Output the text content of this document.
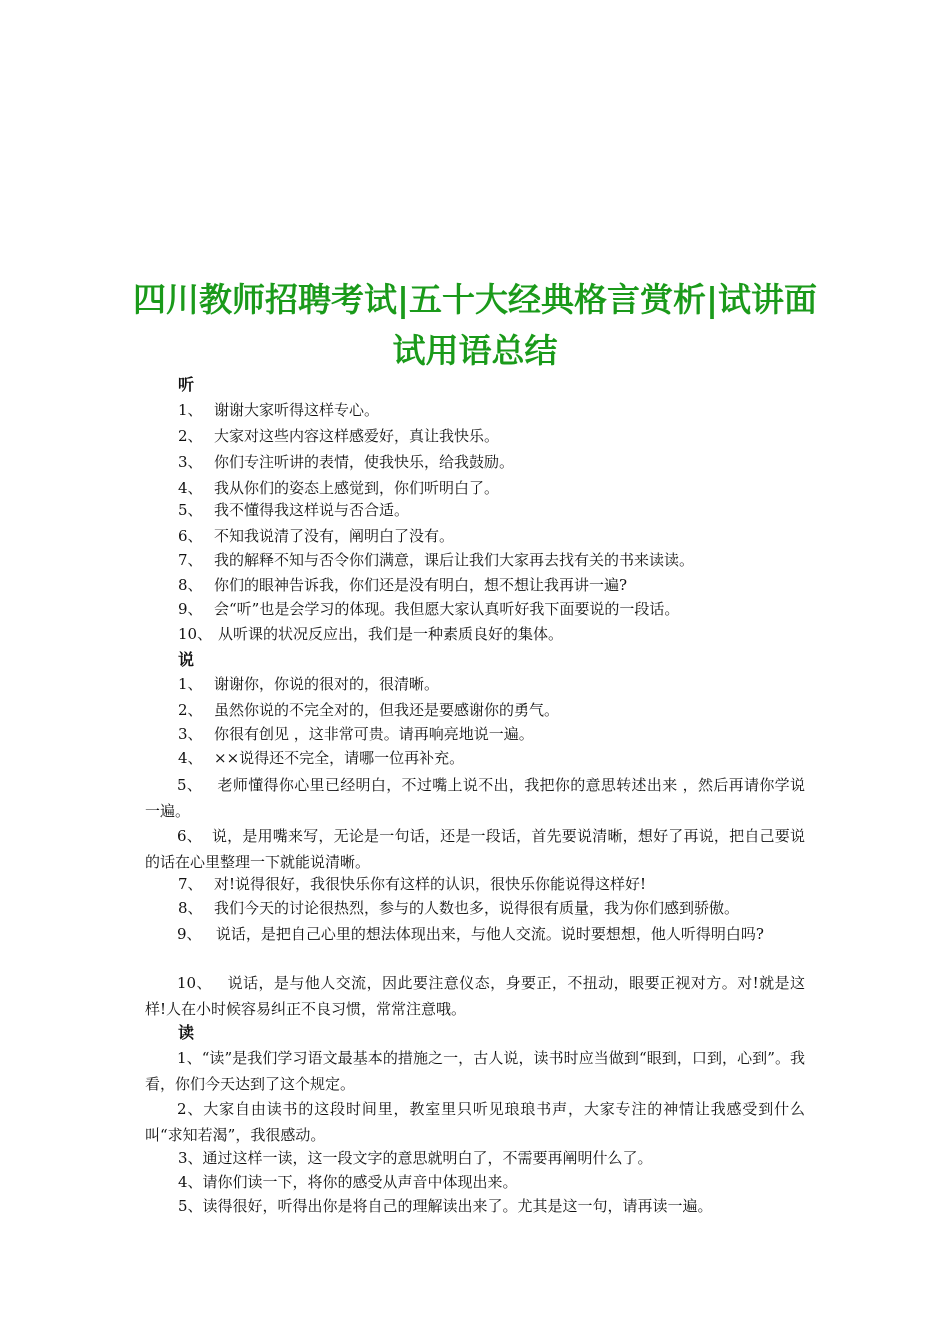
四川教师招聘考试|五十大经典格言赏析|试讲面
试用语总结
听
1、 谢谢大家听得这样专心。
2、 大家对这些内容这样感爱好，真让我快乐。
3、 你们专注听讲的表情，使我快乐，给我鼓励。
4、 我从你们的姿态上感觉到，你们听明白了。
5、 我不懂得我这样说与否合适。
6、 不知我说清了没有，阐明白了没有。
7、 我的解释不知与否令你们满意，课后让我们大家再去找有关的书来读读。
8、 你们的眼神告诉我，你们还是没有明白，想不想让我再讲一遍?
9、 会“听”也是会学习的体现。我但愿大家认真听好我下面要说的一段话。
10、 从听课的状况反应出，我们是一种素质良好的集体。
说
1、 谢谢你，你说的很对的，很清晰。
2、 虽然你说的不完全对的，但我还是要感谢你的勇气。
3、 你很有创见 ，这非常可贵。请再响亮地说一遍。
4、 ××说得还不完全，请哪一位再补充。
5、 老师懂得你心里已经明白，不过嘴上说不出，我把你的意思转述出来 ，然后再请你学说一遍。
6、 说，是用嘴来写，无论是一句话，还是一段话，首先要说清晰，想好了再说，把自己要说的话在心里整理一下就能说清晰。
7、 对!说得很好，我很快乐你有这样的认识，很快乐你能说得这样好!
8、 我们今天的讨论很热烈，参与的人数也多，说得很有质量，我为你们感到骄傲。
9、 说话，是把自己心里的想法体现出来，与他人交流。说时要想想，他人听得明白吗?
10、 说话，是与他人交流，因此要注意仪态，身要正，不扭动，眼要正视对方。对!就是这样!人在小时候容易纠正不良习惯，常常注意哦。
读
1、“读”是我们学习语文最基本的措施之一，古人说，读书时应当做到“眼到，口到，心到”。我看，你们今天达到了这个规定。
2、大家自由读书的这段时间里，教室里只听见琅琅书声，大家专注的神情让我感受到什么叫“求知若渴”，我很感动。
3、通过这样一读，这一段文字的意思就明白了，不需要再阐明什么了。
4、请你们读一下，将你的感受从声音中体现出来。
5、读得很好，听得出你是将自己的理解读出来了。尤其是这一句，请再读一遍。
